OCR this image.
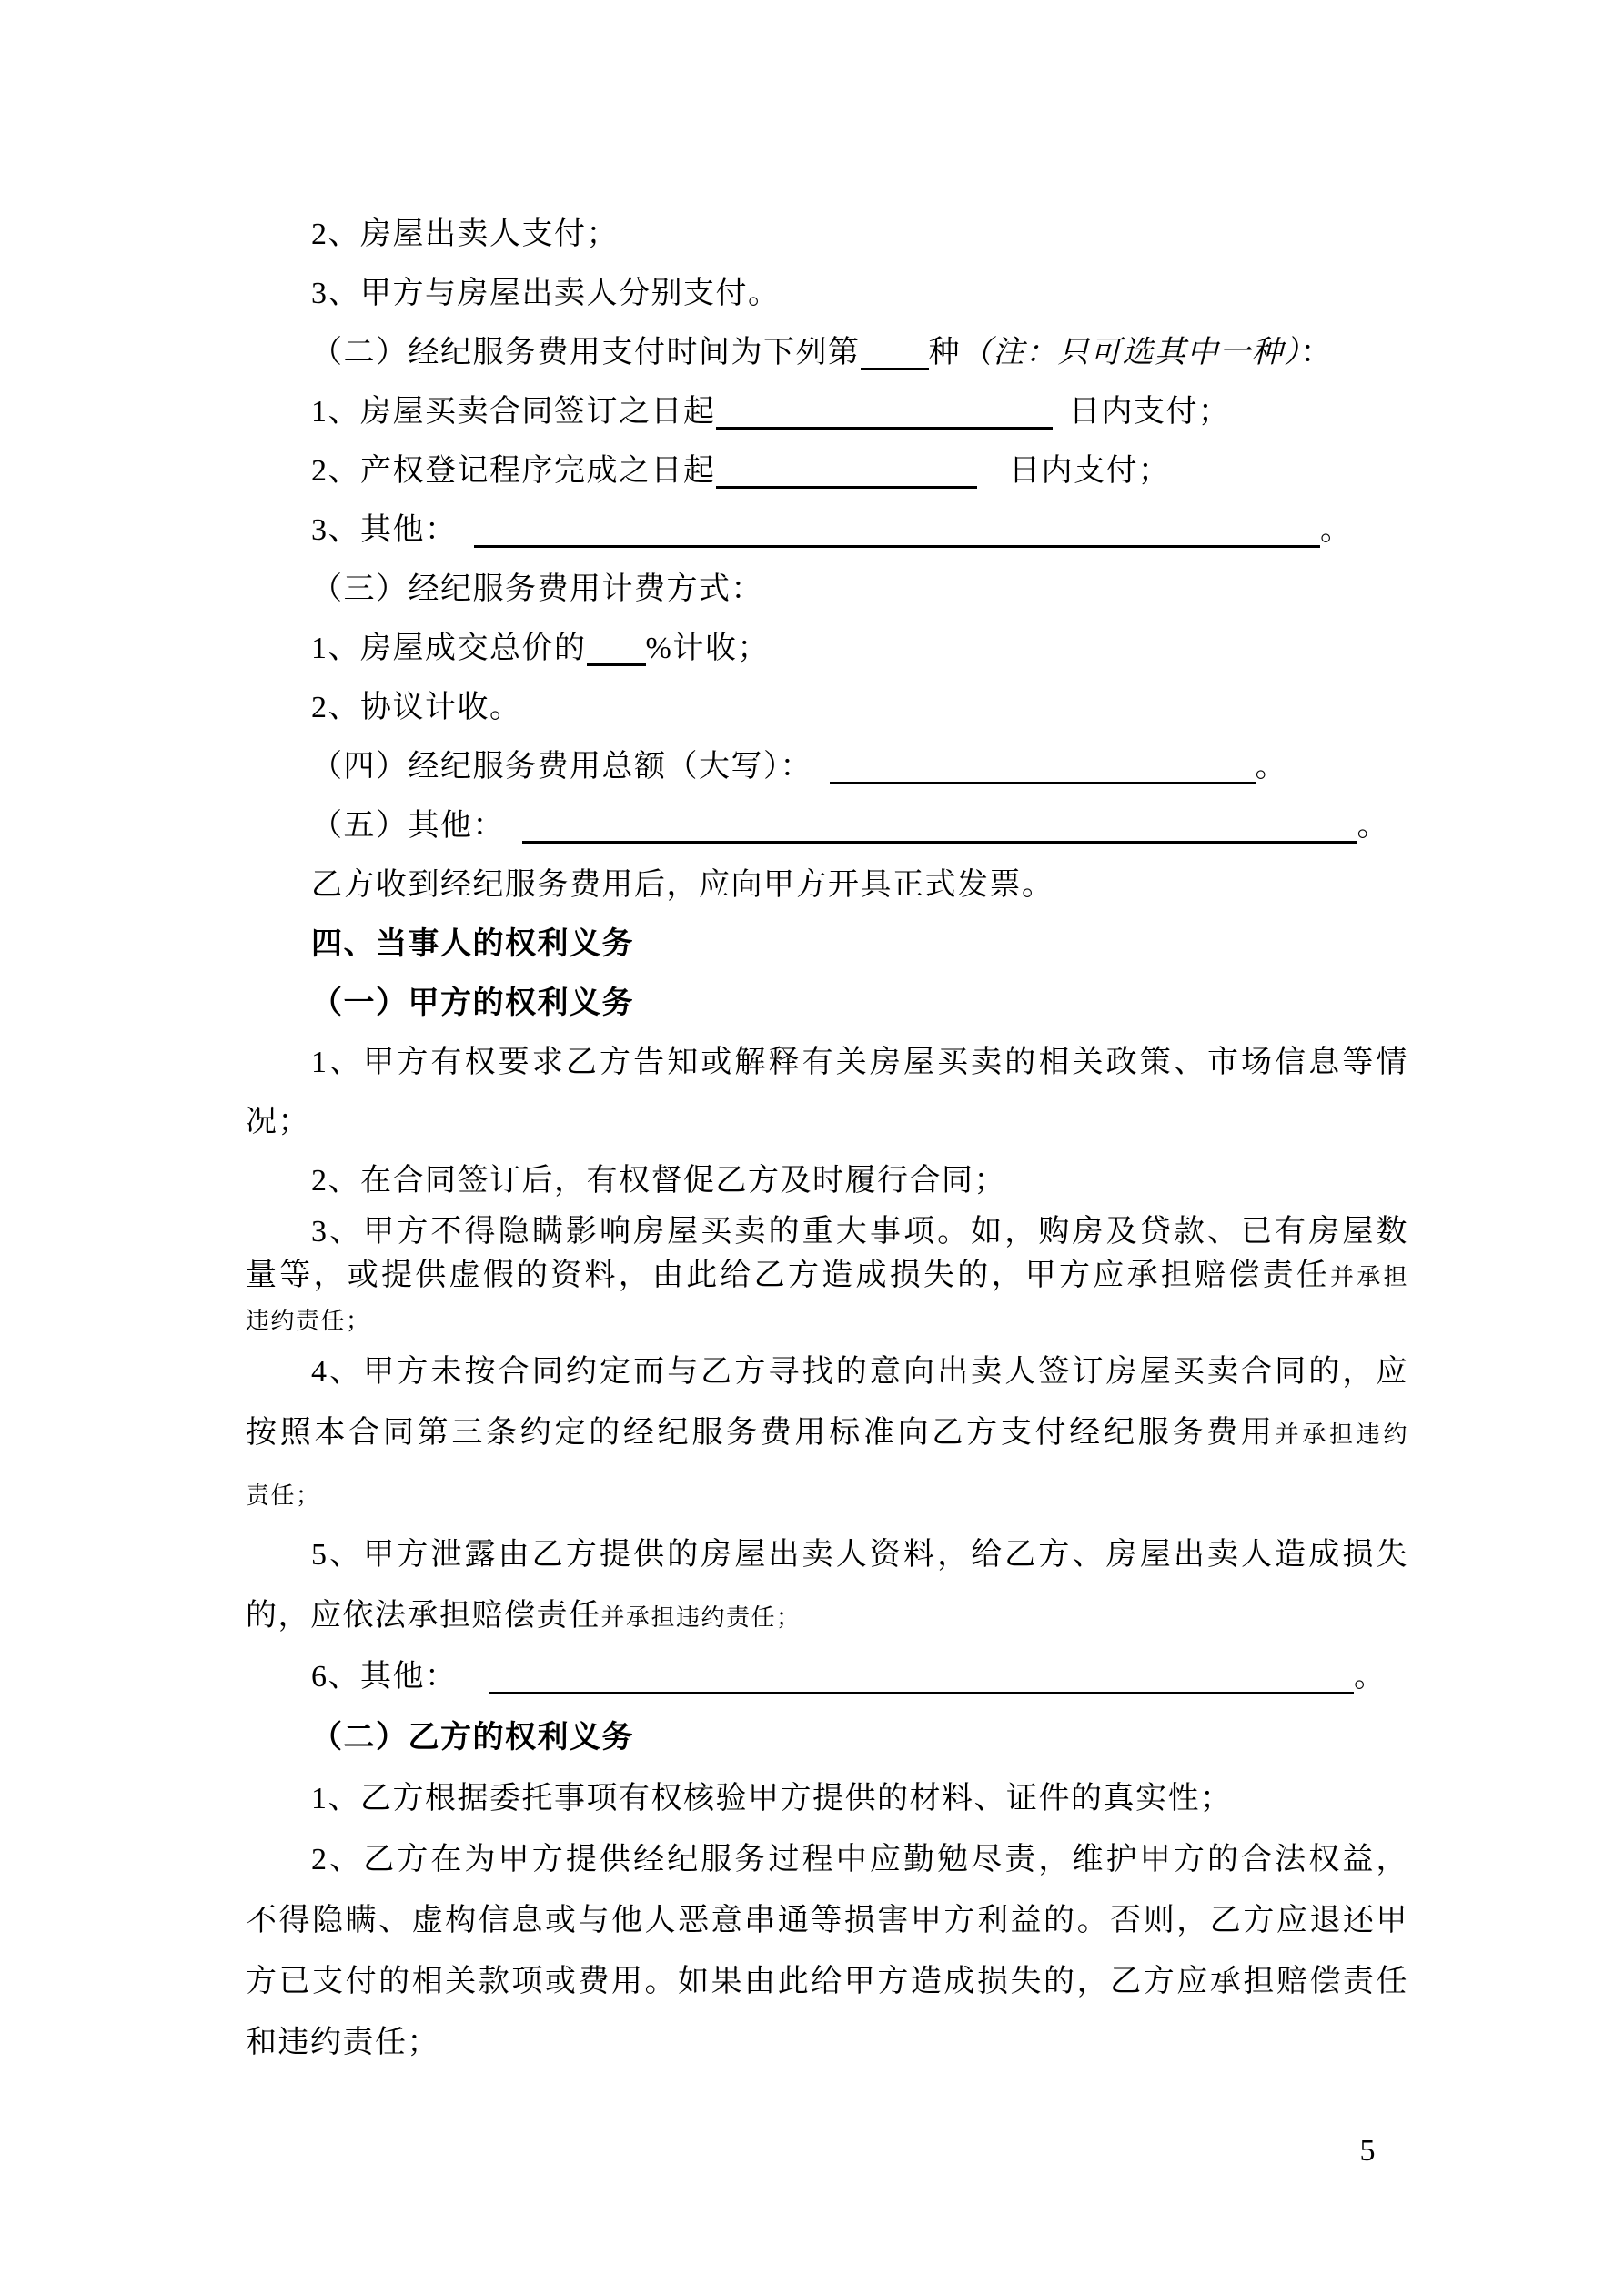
2、房屋出卖人支付；
3、甲方与房屋出卖人分别支付。
（二）经纪服务费用支付时间为下列第 种（注：只可选其中一种）：
1、房屋买卖合同签订之日起	 日内支付；
2、产权登记程序完成之日起	 日内支付；
3、其他： 	。
（三）经纪服务费用计费方式：
1、房屋成交总价的 %计收；
2、协议计收。
（四）经纪服务费用总额（大写）： 	。
（五）其他： 	。
乙方收到经纪服务费用后，应向甲方开具正式发票。
四、当事人的权利义务
（一）甲方的权利义务
1、甲方有权要求乙方告知或解释有关房屋买卖的相关政策、市场信息等情
况；
2、在合同签订后，有权督促乙方及时履行合同；
3、甲方不得隐瞒影响房屋买卖的重大事项。如，购房及贷款、已有房屋数
量等，或提供虚假的资料，由此给乙方造成损失的，甲方应承担赔偿责任并承担
违约责任；
4、甲方未按合同约定而与乙方寻找的意向出卖人签订房屋买卖合同的，应
按照本合同第三条约定的经纪服务费用标准向乙方支付经纪服务费用并承担违约
责任；
5、甲方泄露由乙方提供的房屋出卖人资料，给乙方、房屋出卖人造成损失
的，应依法承担赔偿责任并承担违约责任；
6、其他： 	。
（二）乙方的权利义务
1、乙方根据委托事项有权核验甲方提供的材料、证件的真实性；
2、乙方在为甲方提供经纪服务过程中应勤勉尽责，维护甲方的合法权益，
不得隐瞒、虚构信息或与他人恶意串通等损害甲方利益的。否则，乙方应退还甲
方已支付的相关款项或费用。如果由此给甲方造成损失的，乙方应承担赔偿责任
和违约责任；
5
